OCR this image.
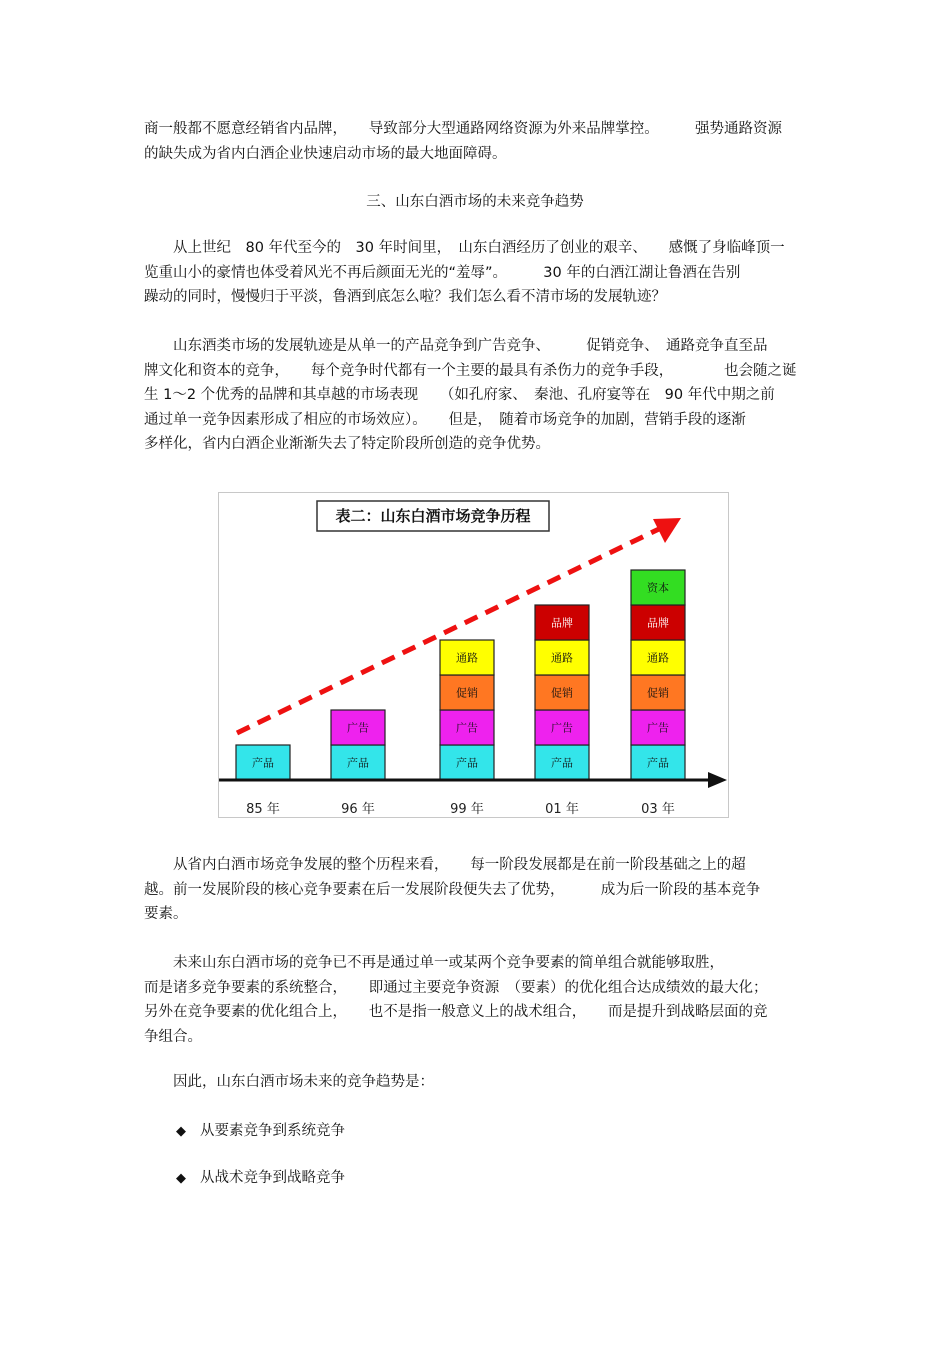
商一般都不愿意经销省内品牌，　　导致部分大型通路网络资源为外来品牌掌控。　　　强势通路资源
的缺失成为省内白酒企业快速启动市场的最大地面障碍。
三、山东白酒市场的未来竞争趋势
　　从上世纪　80 年代至今的　30 年时间里，　山东白酒经历了创业的艰辛、　　感慨了身临峰顶一
览重山小的豪情也体受着风光不再后颜面无光的“羞辱”。　　　30 年的白酒江湖让鲁酒在告别
躁动的同时，慢慢归于平淡，鲁酒到底怎么啦？我们怎么看不清市场的发展轨迹？
　　山东酒类市场的发展轨迹是从单一的产品竞争到广告竞争、　　　促销竞争、　通路竞争直至品
牌文化和资本的竞争，　　每个竞争时代都有一个主要的最具有杀伤力的竞争手段，　　　　也会随之诞
生 1～2 个优秀的品牌和其卓越的市场表现　　（如孔府家、　秦池、孔府宴等在　90 年代中期之前
通过单一竞争因素形成了相应的市场效应）。　　但是，　随着市场竞争的加剧，营销手段的逐渐
多样化，省内白酒企业渐渐失去了特定阶段所创造的竞争优势。
表二：山东白酒市场竞争历程
产品	产品
广告
产品
广告
促销
通路
产品
广告
促销
通路
品牌
产品
广告
促销
通路
品牌
资本
85 年	96 年	99 年	01 年	03 年
　　从省内白酒市场竞争发展的整个历程来看，　　每一阶段发展都是在前一阶段基础之上的超
越。前一发展阶段的核心竞争要素在后一发展阶段便失去了优势，　　　成为后一阶段的基本竞争
要素。
　　未来山东白酒市场的竞争已不再是通过单一或某两个竞争要素的简单组合就能够取胜，
而是诸多竞争要素的系统整合，　　即通过主要竞争资源　（要素）的优化组合达成绩效的最大化；
另外在竞争要素的优化组合上，　　也不是指一般意义上的战术组合，　　而是提升到战略层面的竞
争组合。
　　因此，山东白酒市场未来的竞争趋势是：
◆ 从要素竞争到系统竞争
◆ 从战术竞争到战略竞争
